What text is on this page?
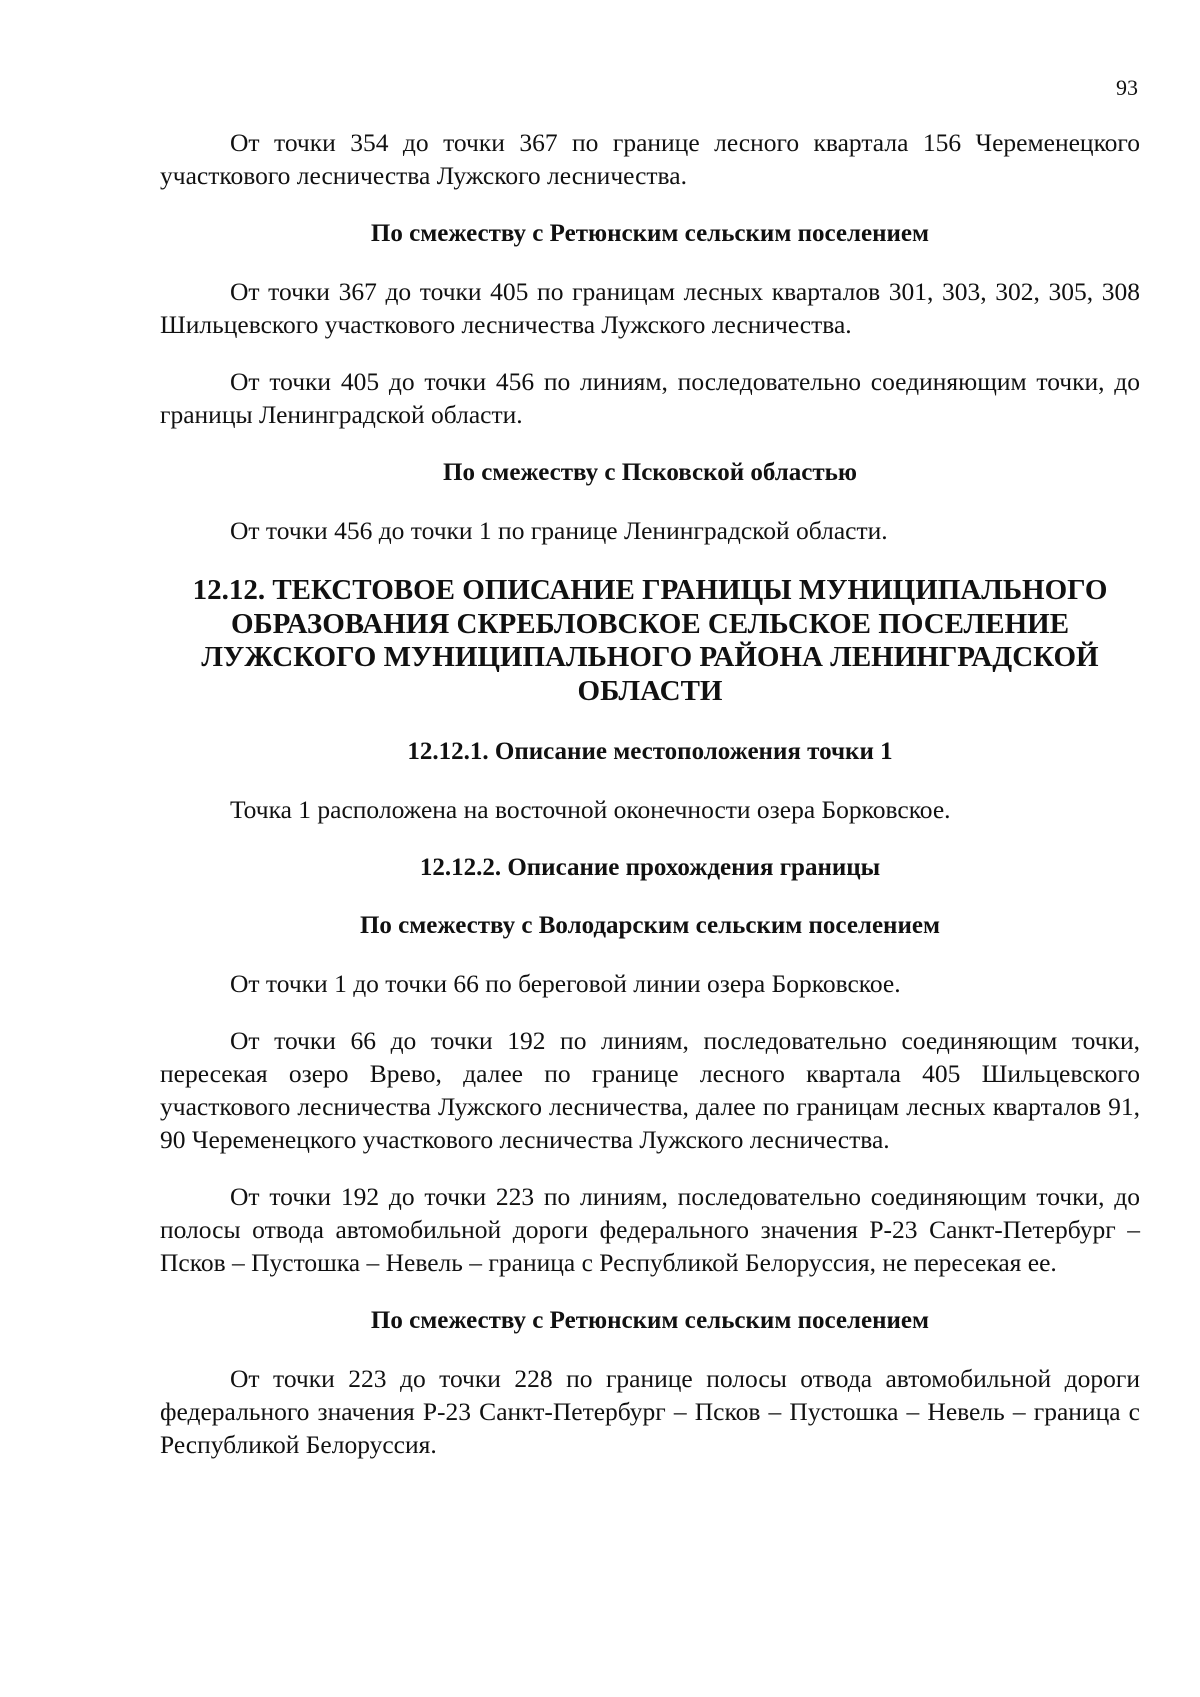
93

От точки 354 до точки 367 по границе лесного квартала 156 Череменецкого участкового лесничества Лужского лесничества.

По смежеству с Ретюнским сельским поселением

От точки 367 до точки 405 по границам лесных кварталов 301, 303, 302, 305, 308 Шильцевского участкового лесничества Лужского лесничества.

От точки 405 до точки 456 по линиям, последовательно соединяющим точки, до границы Ленинградской области.

По смежеству с Псковской областью

От точки 456 до точки 1 по границе Ленинградской области.

12.12. ТЕКСТОВОЕ ОПИСАНИЕ ГРАНИЦЫ МУНИЦИПАЛЬНОГО ОБРАЗОВАНИЯ СКРЕБЛОВСКОЕ СЕЛЬСКОЕ ПОСЕЛЕНИЕ ЛУЖСКОГО МУНИЦИПАЛЬНОГО РАЙОНА ЛЕНИНГРАДСКОЙ ОБЛАСТИ
12.12.1. Описание местоположения точки 1

Точка 1 расположена на восточной оконечности озера Борковское.

12.12.2. Описание прохождения границы
По смежеству с Володарским сельским поселением

От точки 1 до точки 66 по береговой линии озера Борковское.

От точки 66 до точки 192 по линиям, последовательно соединяющим точки, пересекая озеро Врево, далее по границе лесного квартала 405 Шильцевского участкового лесничества Лужского лесничества, далее по границам лесных кварталов 91, 90 Череменецкого участкового лесничества Лужского лесничества.

От точки 192 до точки 223 по линиям, последовательно соединяющим точки, до полосы отвода автомобильной дороги федерального значения Р-23 Санкт-Петербург – Псков – Пустошка – Невель – граница с Республикой Белоруссия, не пересекая ее.

По смежеству с Ретюнским сельским поселением

От точки 223 до точки 228 по границе полосы отвода автомобильной дороги федерального значения Р-23 Санкт-Петербург – Псков – Пустошка – Невель – граница с Республикой Белоруссия.
